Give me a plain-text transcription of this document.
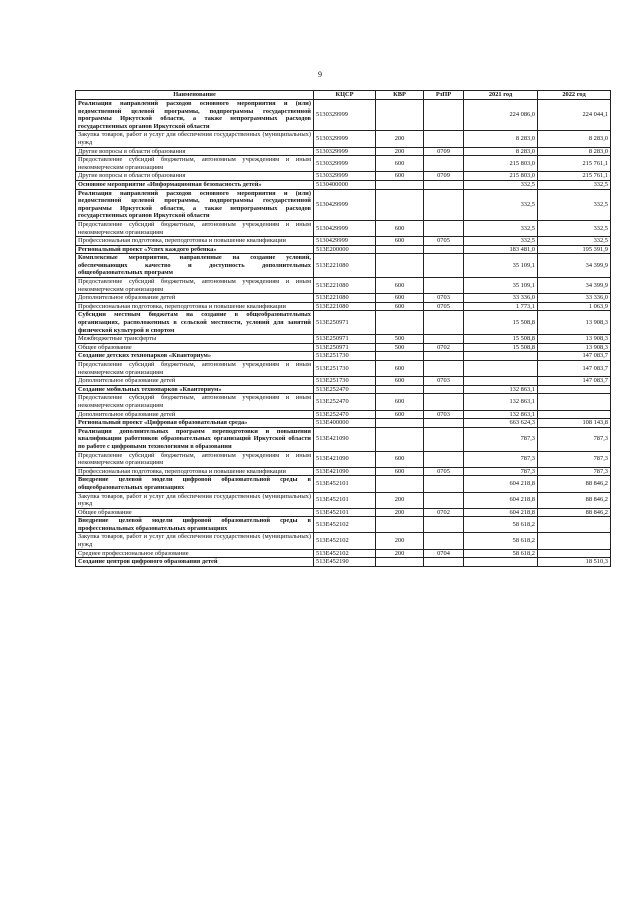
9
Наименование	КЦСР	КВР	РзПР	2021 год	2022 год
Реализация направлений расходов основного мероприятия и (или) ведомственной целевой программы, подпрограммы государственной программы Иркутской области, а также непрограммных расходов государственных органов Иркутской области	5130329999			224 086,0	224 044,1
Закупка товаров, работ и услуг для обеспечения государственных (муниципальных) нужд	5130329999	200		8 283,0	8 283,0
Другие вопросы в области образования	5130329999	200	0709	8 283,0	8 283,0
Предоставление субсидий бюджетным, автономным учреждениям и иным некоммерческим организациям	5130329999	600		215 803,0	215 761,1
Другие вопросы в области образования	5130329999	600	0709	215 803,0	215 761,1
Основное мероприятие «Информационная безопасность детей»	5130400000			332,5	332,5
Реализация направлений расходов основного мероприятия и (или) ведомственной целевой программы, подпрограммы государственной программы Иркутской области, а также непрограммных расходов государственных органов Иркутской области	5130429999			332,5	332,5
Предоставление субсидий бюджетным, автономным учреждениям и иным некоммерческим организациям	5130429999	600		332,5	332,5
Профессиональная подготовка, переподготовка и повышение квалификации	5130429999	600	0705	332,5	332,5
Региональный проект «Успех каждого ребенка»	513E200000			183 481,0	195 391,9
Комплексные мероприятия, направленные на создание условий, обеспечивающих качество и доступность дополнительных общеобразовательных программ	513E221080			35 109,1	34 399,9
Предоставление субсидий бюджетным, автономным учреждениям и иным некоммерческим организациям	513E221080	600		35 109,1	34 399,9
Дополнительное образование детей	513E221080	600	0703	33 336,0	33 336,0
Профессиональная подготовка, переподготовка и повышение квалификации	513E221080	600	0705	1 773,1	1 063,9
Субсидии местным бюджетам на создание в общеобразовательных организациях, расположенных в сельской местности, условий для занятий физической культурой и спортом	513E250971			15 508,8	13 908,3
Межбюджетные трансферты	513E250971	500		15 508,8	13 908,3
Общее образование	513E250971	500	0702	15 508,8	13 908,3
Создание детских технопарков «Кванториум»	513E251730				147 083,7
Предоставление субсидий бюджетным, автономным учреждениям и иным некоммерческим организациям	513E251730	600			147 083,7
Дополнительное образование детей	513E251730	600	0703		147 083,7
Создание мобильных технопарков «Кванториум»	513E252470			132 863,1	
Предоставление субсидий бюджетным, автономным учреждениям и иным некоммерческим организациям	513E252470	600		132 863,1	
Дополнительное образование детей	513E252470	600	0703	132 863,1	
Региональный проект «Цифровая образовательная среда»	513E400000			663 624,3	108 143,8
Реализация дополнительных программ переподготовки и повышения квалификации работников образовательных организаций Иркутской области по работе с цифровыми технологиями в образовании	513E421090			787,3	787,3
Предоставление субсидий бюджетным, автономным учреждениям и иным некоммерческим организациям	513E421090	600		787,3	787,3
Профессиональная подготовка, переподготовка и повышение квалификации	513E421090	600	0705	787,3	787,3
Внедрение целевой модели цифровой образовательной среды в общеобразовательных организациях	513E452101			604 218,8	88 846,2
Закупка товаров, работ и услуг для обеспечения государственных (муниципальных) нужд	513E452101	200		604 218,8	88 846,2
Общее образование	513E452101	200	0702	604 218,8	88 846,2
Внедрение целевой модели цифровой образовательной среды в профессиональных образовательных организациях	513E452102			58 618,2	
Закупка товаров, работ и услуг для обеспечения государственных (муниципальных) нужд	513E452102	200		58 618,2	
Среднее профессиональное образование	513E452102	200	0704	58 618,2	
Создание центров цифрового образования детей	513E452190				18 510,3
